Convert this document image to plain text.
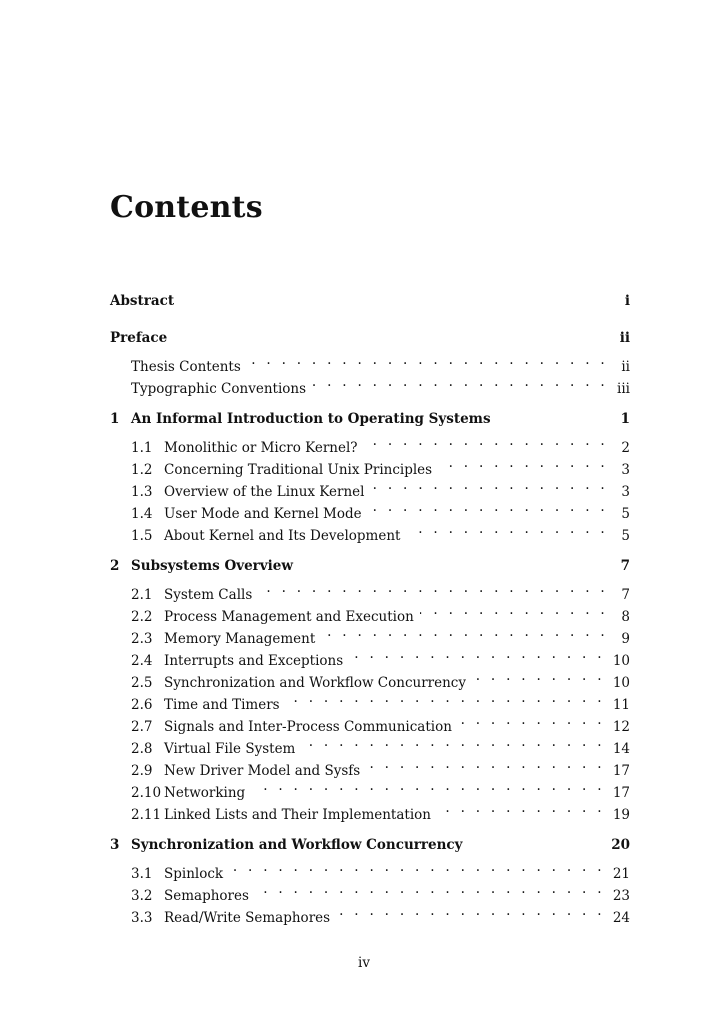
Contents
Abstract	i
Preface	ii
Thesis Contents . . .	ii
Typographic Conventions . . .	iii
1 An Informal Introduction to Operating Systems	1
1.1 Monolithic or Micro Kernel? . . .	2
1.2 Concerning Traditional Unix Principles . . .	3
1.3 Overview of the Linux Kernel . . .	3
1.4 User Mode and Kernel Mode . . .	5
1.5 About Kernel and Its Development . . .	5
2 Subsystems Overview	7
2.1 System Calls . . .	7
2.2 Process Management and Execution . . .	8
2.3 Memory Management . . .	9
2.4 Interrupts and Exceptions . . .	10
2.5 Synchronization and Workflow Concurrency . . .	10
2.6 Time and Timers . . .	11
2.7 Signals and Inter-Process Communication . . .	12
2.8 Virtual File System . . .	14
2.9 New Driver Model and Sysfs . . .	17
2.10 Networking . . .	17
2.11 Linked Lists and Their Implementation . . .	19
3 Synchronization and Workflow Concurrency	20
3.1 Spinlock . . .	21
3.2 Semaphores . . .	23
3.3 Read/Write Semaphores . . .	24
iv
